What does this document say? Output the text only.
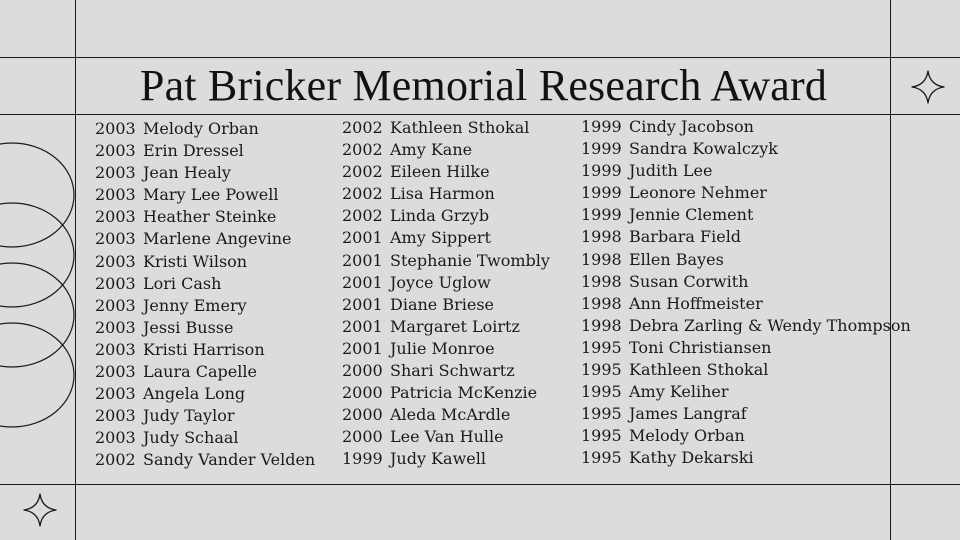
Pat Bricker Memorial Research Award
2003 Melody Orban
2003 Erin Dressel
2003 Jean Healy
2003 Mary Lee Powell
2003 Heather Steinke
2003 Marlene Angevine
2003 Kristi Wilson
2003 Lori Cash
2003 Jenny Emery
2003 Jessi Busse
2003 Kristi Harrison
2003 Laura Capelle
2003 Angela Long
2003 Judy Taylor
2003 Judy Schaal
2002 Sandy Vander Velden
2002 Kathleen Sthokal
2002 Amy Kane
2002 Eileen Hilke
2002 Lisa Harmon
2002 Linda Grzyb
2001 Amy Sippert
2001 Stephanie Twombly
2001 Joyce Uglow
2001 Diane Briese
2001 Margaret Loirtz
2001 Julie Monroe
2000 Shari Schwartz
2000 Patricia McKenzie
2000 Aleda McArdle
2000 Lee Van Hulle
1999 Judy Kawell
1999 Cindy Jacobson
1999 Sandra Kowalczyk
1999 Judith Lee
1999 Leonore Nehmer
1999 Jennie Clement
1998 Barbara Field
1998 Ellen Bayes
1998 Susan Corwith
1998 Ann Hoffmeister
1998 Debra Zarling & Wendy Thompson
1995 Toni Christiansen
1995 Kathleen Sthokal
1995 Amy Keliher
1995 James Langraf
1995 Melody Orban
1995 Kathy Dekarski
